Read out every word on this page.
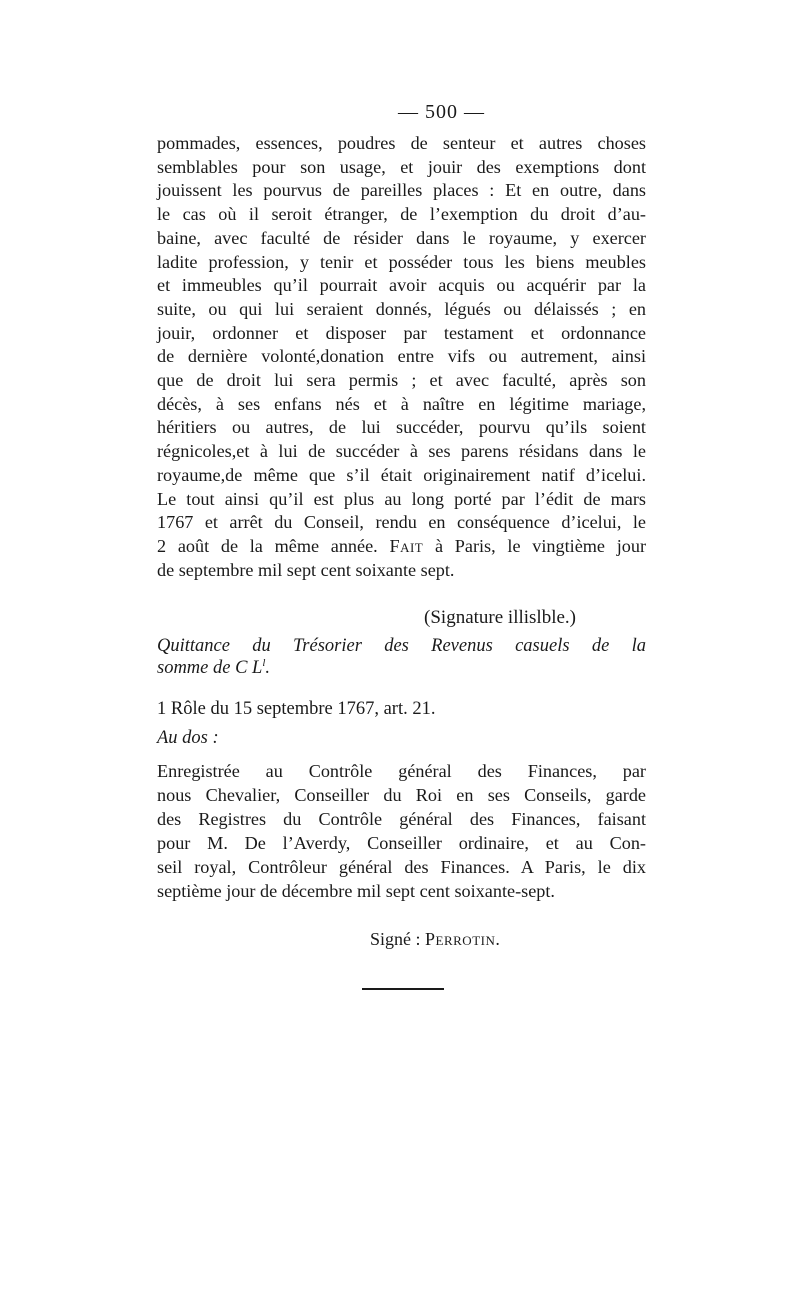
— 500 —
pommades, essences, poudres de senteur et autres choses
semblables pour son usage, et jouir des exemptions dont
jouissent les pourvus de pareilles places : Et en outre, dans
le cas où il seroit étranger, de l’exemption du droit d’au-
baine, avec faculté de résider dans le royaume, y exercer
ladite profession, y tenir et posséder tous les biens meubles
et immeubles qu’il pourrait avoir acquis ou acquérir par la
suite, ou qui lui seraient donnés, légués ou délaissés ; en
jouir, ordonner et disposer par testament et ordonnance
de dernière volonté,donation entre vifs ou autrement, ainsi
que de droit lui sera permis ; et avec faculté, après son
décès, à ses enfans nés et à naître en légitime mariage,
héritiers ou autres, de lui succéder, pourvu qu’ils soient
régnicoles,et à lui de succéder à ses parens résidans dans le
royaume,de même que s’il était originairement natif d’icelui.
Le tout ainsi qu’il est plus au long porté par l’édit de mars
1767 et arrêt du Conseil, rendu en conséquence d’icelui, le
2 août de la même année. Fait à Paris, le vingtième jour
de septembre mil sept cent soixante sept.
(Signature illislble.)
Quittance du Trésorier des Revenus casuels de la
somme de C $L^l$.
1 Rôle du 15 septembre 1767, art. 21.
Au dos :
Enregistrée au Contrôle général des Finances, par
nous Chevalier, Conseiller du Roi en ses Conseils, garde
des Registres du Contrôle général des Finances, faisant
pour M. De l’Averdy, Conseiller ordinaire, et au Con-
seil royal, Contrôleur général des Finances. A Paris, le dix
septième jour de décembre mil sept cent soixante-sept.
Signé : Perrotin.
